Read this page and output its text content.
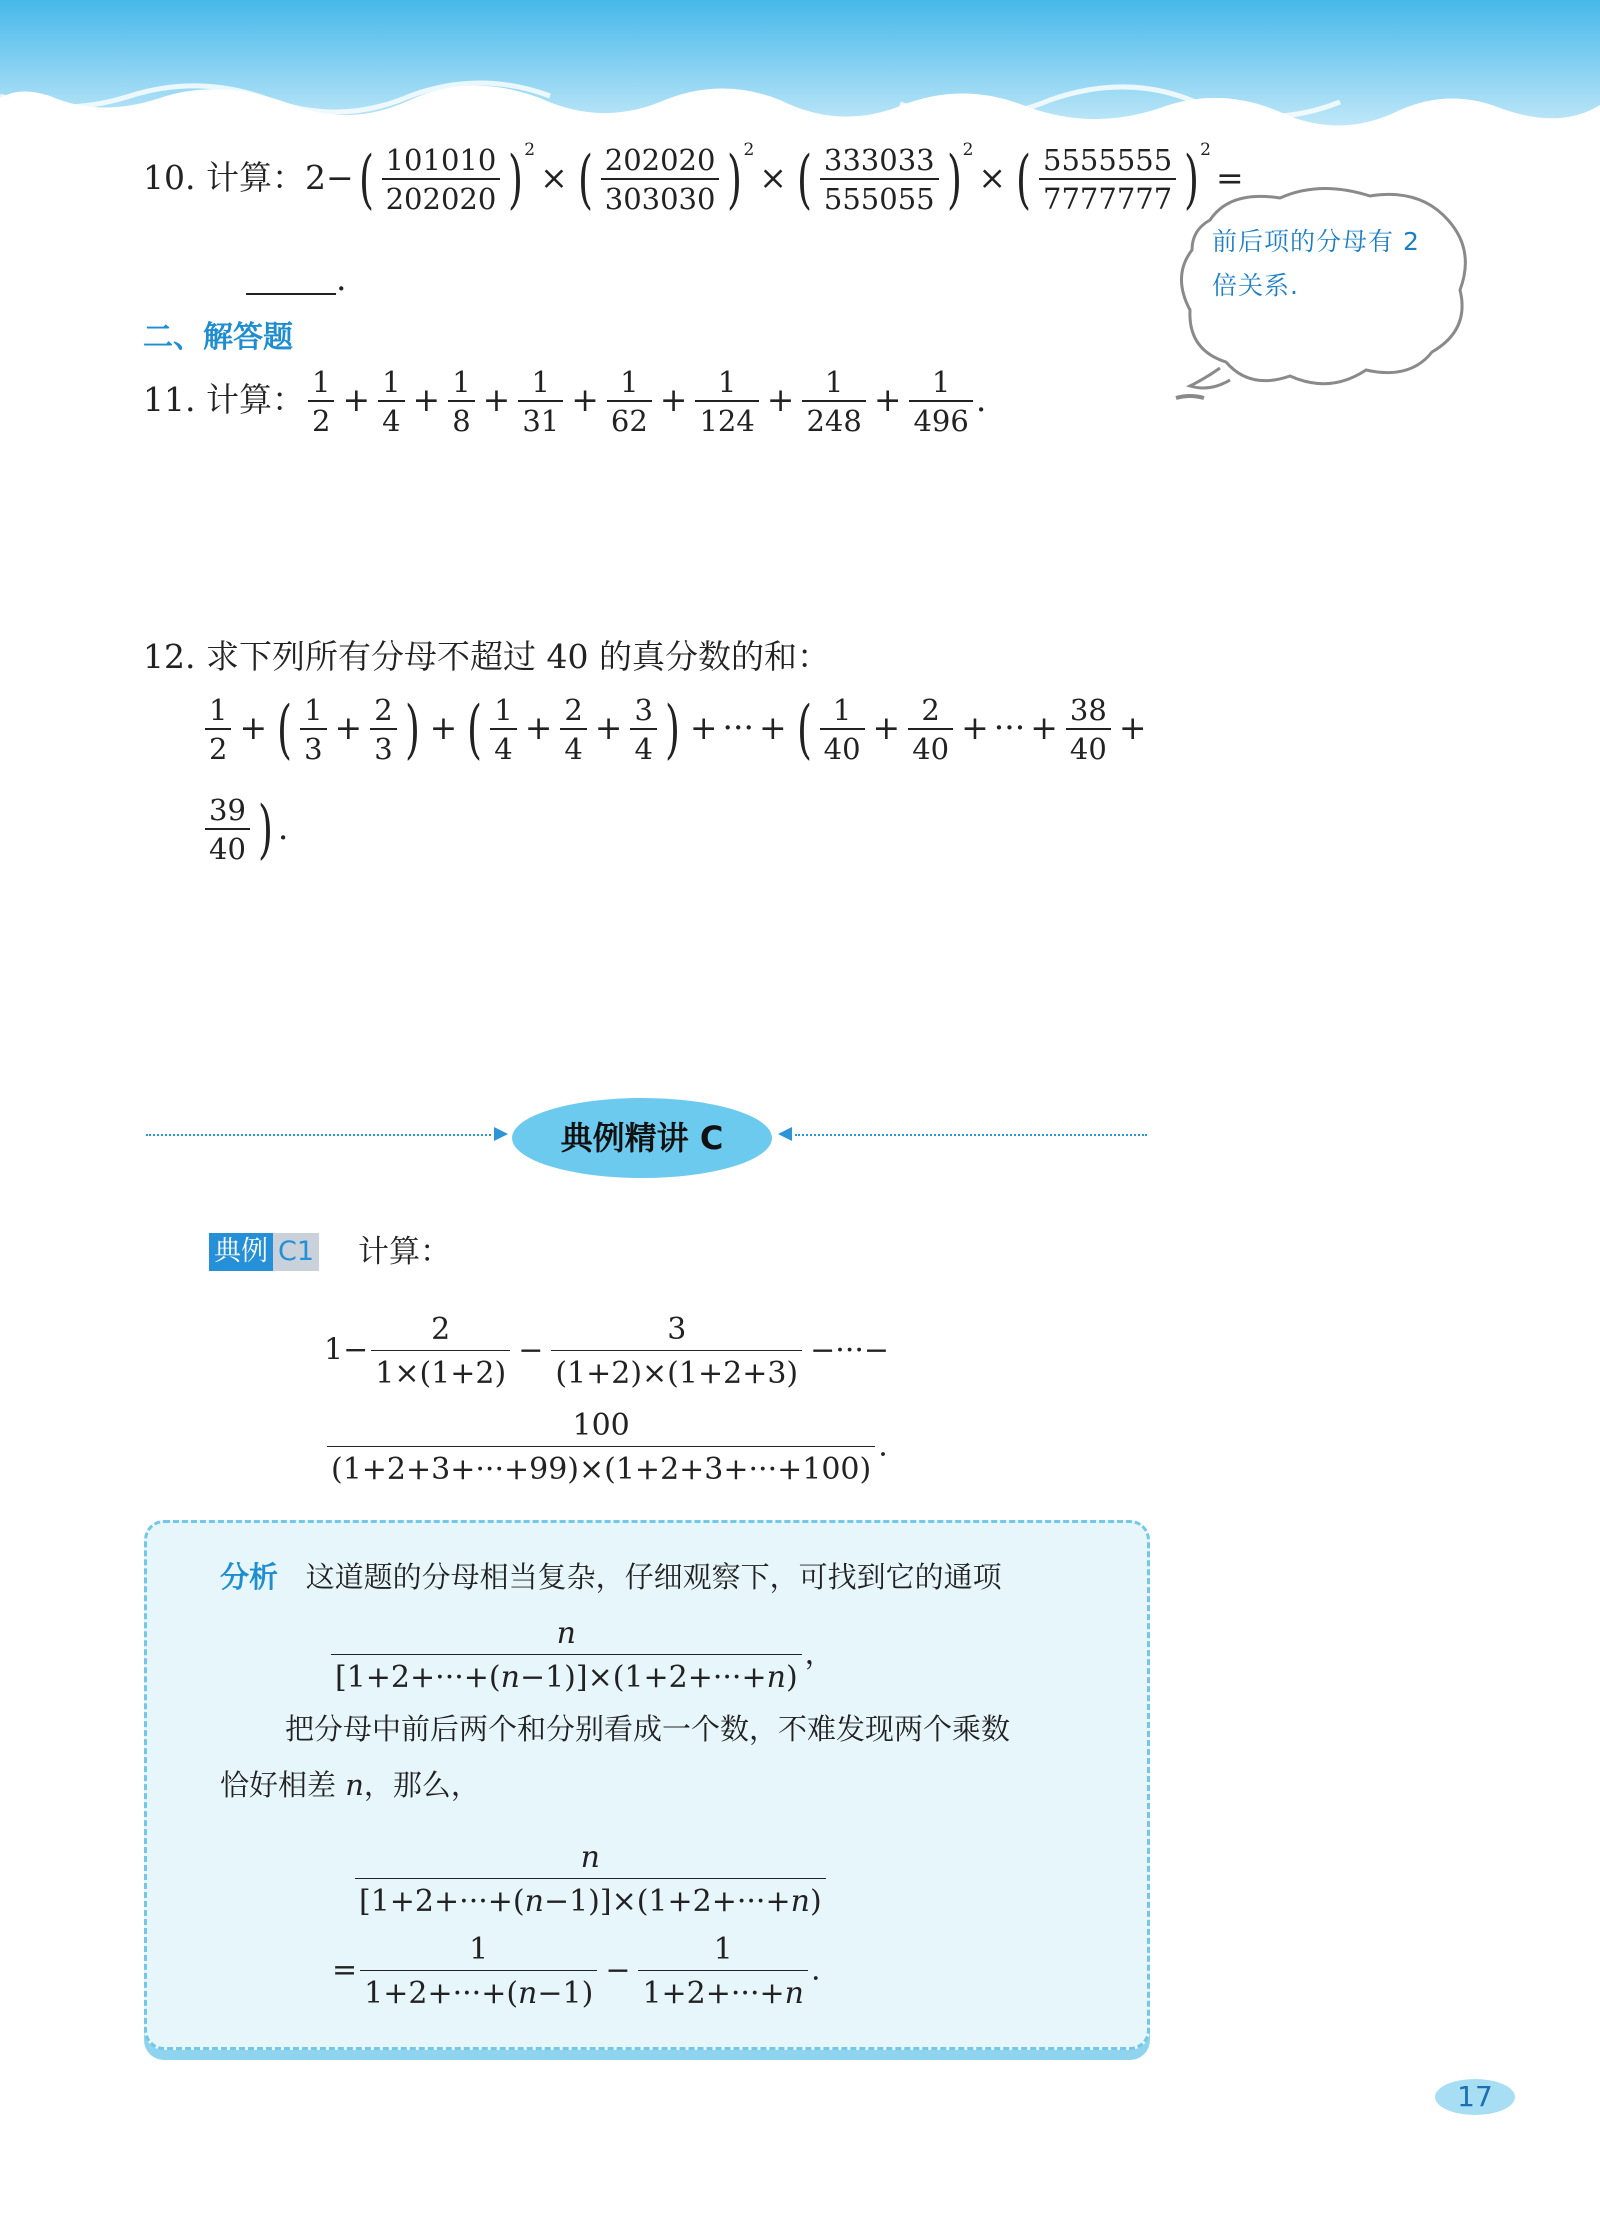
10. 计算：$2-( \frac{101010}{202020} )^2\times$ ( $\frac{202020}{303030} )^2\times$ ( $\frac{333033}{555055} )^2\times$ ( $\frac{5555555}{7777777} )^2=$
.
前后项的分母有 2
倍关系.
二、解答题
11. 计算： $\frac{1}{2} + \frac{1}{4} + \frac{1}{8} + \frac{1}{31} + \frac{1}{62} + \frac{1}{124} + \frac{1}{248} + \frac{1}{496}$ .
12. 求下列所有分母不超过 40 的真分数的和：
$\frac{1}{2}$ + ( $\frac{1}{3} + \frac{2}{3}$ ) + ( $\frac{1}{4} + \frac{2}{4} + \frac{3}{4}$ ) + ··· + ( $\frac{1}{40} + \frac{2}{40}$ + ··· + $\frac{38}{40}$ +
$\frac{39}{40}$ ) .
典例精讲 C
典例 C1 计算：
$1- \frac{2}{1\times(1+2)} - \frac{3}{(1+2)\times(1+2+3)}$ −···−
$\frac{100}{(1+2+3+\cdot\cdot\cdot+99)\times(1+2+3+\cdot\cdot\cdot+100)}$ .
分析 这道题的分母相当复杂，仔细观察下，可找到它的通项
$\frac{n}{[1+2+\cdot\cdot\cdot+(n-1)]\times(1+2+\cdot\cdot\cdot+n)}$ ，
把分母中前后两个和分别看成一个数，不难发现两个乘数
恰好相差 n，那么，
$\frac{n}{[1+2+\cdot\cdot\cdot+(n-1)]\times(1+2+\cdot\cdot\cdot+n)}$
= $\frac{1}{1+2+\cdot\cdot\cdot+(n-1)} - \frac{1}{1+2+\cdot\cdot\cdot+n}$ .
17
